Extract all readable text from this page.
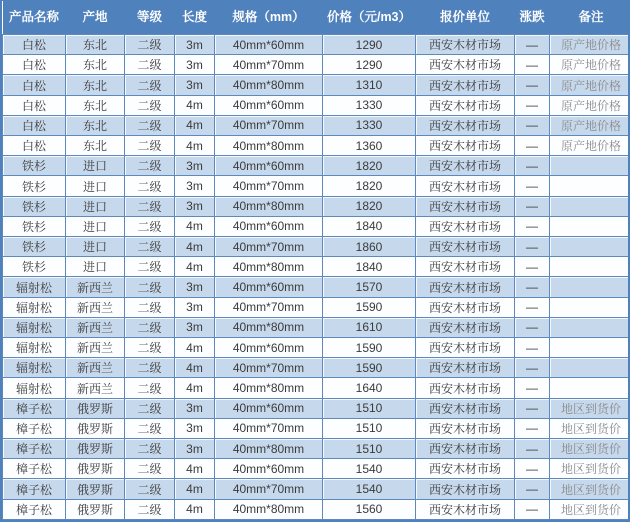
产品名称	产地	等级	长度	规格（mm）	价格（元/m3）	报价单位	涨跌	备注
白松	东北	二级	3m	40mm*60mm	1290	西安木材市场	—	原产地价格
白松	东北	二级	3m	40mm*70mm	1290	西安木材市场	—	原产地价格
白松	东北	二级	3m	40mm*80mm	1310	西安木材市场	—	原产地价格
白松	东北	二级	4m	40mm*60mm	1330	西安木材市场	—	原产地价格
白松	东北	二级	4m	40mm*70mm	1330	西安木材市场	—	原产地价格
白松	东北	二级	4m	40mm*80mm	1360	西安木材市场	—	原产地价格
铁杉	进口	二级	3m	40mm*60mm	1820	西安木材市场	—	
铁杉	进口	二级	3m	40mm*70mm	1820	西安木材市场	—	
铁杉	进口	二级	3m	40mm*80mm	1820	西安木材市场	—	
铁杉	进口	二级	4m	40mm*60mm	1840	西安木材市场	—	
铁杉	进口	二级	4m	40mm*70mm	1860	西安木材市场	—	
铁杉	进口	二级	4m	40mm*80mm	1840	西安木材市场	—	
辐射松	新西兰	二级	3m	40mm*60mm	1570	西安木材市场	—	
辐射松	新西兰	二级	3m	40mm*70mm	1590	西安木材市场	—	
辐射松	新西兰	二级	3m	40mm*80mm	1610	西安木材市场	—	
辐射松	新西兰	二级	4m	40mm*60mm	1590	西安木材市场	—	
辐射松	新西兰	二级	4m	40mm*70mm	1590	西安木材市场	—	
辐射松	新西兰	二级	4m	40mm*80mm	1640	西安木材市场	—	
樟子松	俄罗斯	二级	3m	40mm*60mm	1510	西安木材市场	—	地区到货价
樟子松	俄罗斯	二级	3m	40mm*70mm	1510	西安木材市场	—	地区到货价
樟子松	俄罗斯	二级	3m	40mm*80mm	1510	西安木材市场	—	地区到货价
樟子松	俄罗斯	二级	4m	40mm*60mm	1540	西安木材市场	—	地区到货价
樟子松	俄罗斯	二级	4m	40mm*70mm	1540	西安木材市场	—	地区到货价
樟子松	俄罗斯	二级	4m	40mm*80mm	1560	西安木材市场	—	地区到货价
